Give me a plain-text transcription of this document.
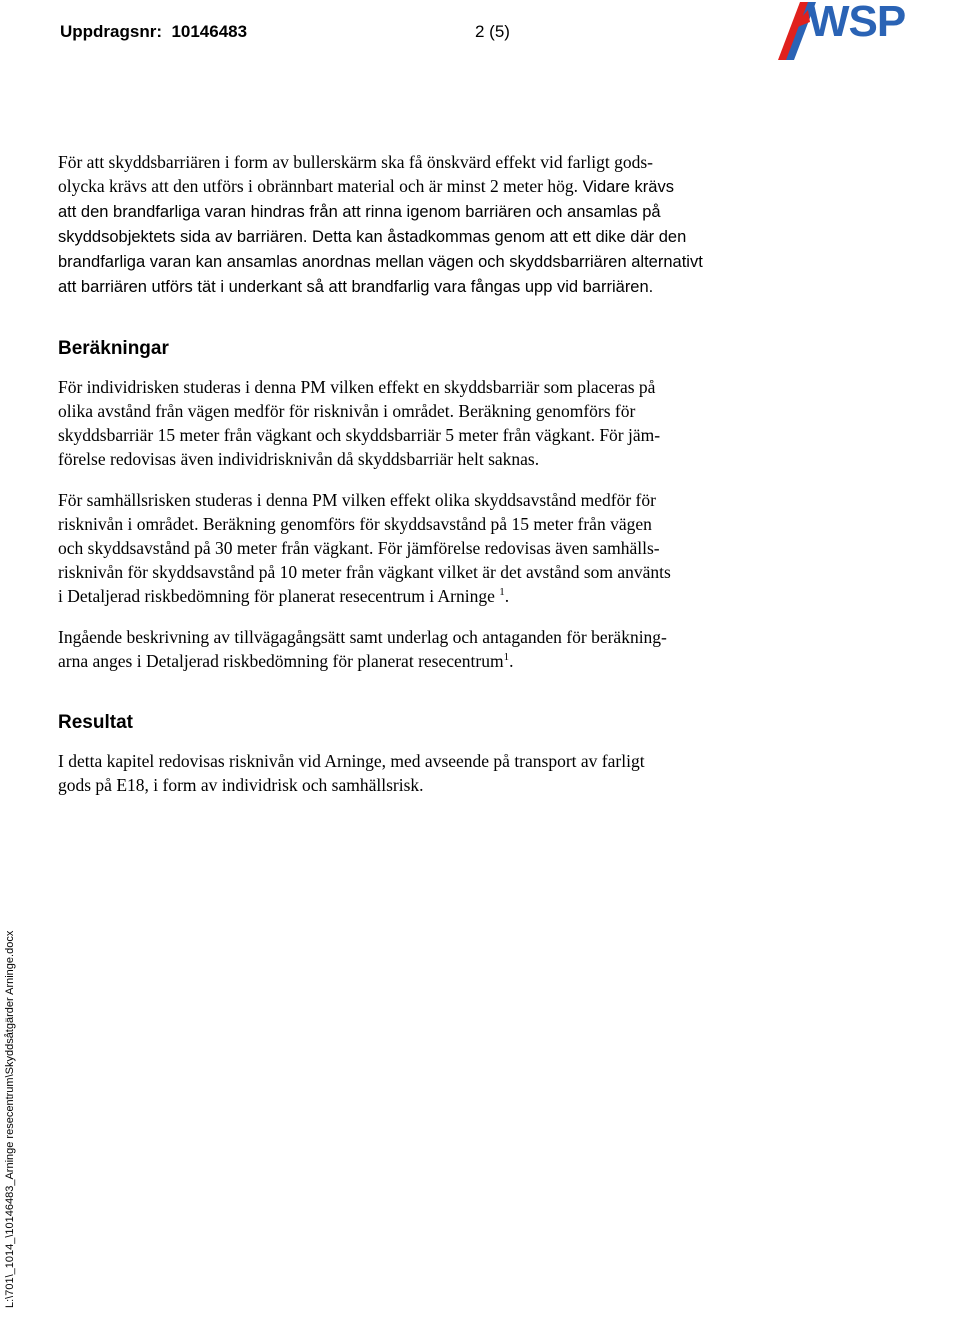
Uppdragsnr:  10146483	2 (5)	WSP

För att skyddsbarriären i form av bullerskärm ska få önskvärd effekt vid farligt gods-
olycka krävs att den utförs i obrännbart material och är minst 2 meter hög. Vidare krävs
att den brandfarliga varan hindras från att rinna igenom barriären och ansamlas på
skyddsobjektets sida av barriären. Detta kan åstadkommas genom att ett dike där den
brandfarliga varan kan ansamlas anordnas mellan vägen och skyddsbarriären alternativt
att barriären utförs tät i underkant så att brandfarlig vara fångas upp vid barriären.

Beräkningar

För individrisken studeras i denna PM vilken effekt en skyddsbarriär som placeras på
olika avstånd från vägen medför för risknivån i området. Beräkning genomförs för
skyddsbarriär 15 meter från vägkant och skyddsbarriär 5 meter från vägkant. För jäm-
förelse redovisas även individrisknivån då skyddsbarriär helt saknas.

För samhällsrisken studeras i denna PM vilken effekt olika skyddsavstånd medför för
risknivån i området. Beräkning genomförs för skyddsavstånd på 15 meter från vägen
och skyddsavstånd på 30 meter från vägkant. För jämförelse redovisas även samhälls-
risknivån för skyddsavstånd på 10 meter från vägkant vilket är det avstånd som använts
i Detaljerad riskbedömning för planerat resecentrum i Arninge $^1$.

Ingående beskrivning av tillvägagångsätt samt underlag och antaganden för beräkning-
arna anges i Detaljerad riskbedömning för planerat resecentrum$^1$.

Resultat

I detta kapitel redovisas risknivån vid Arninge, med avseende på transport av farligt
gods på E18, i form av individrisk och samhällsrisk.

L:\701\_1014_\10146483_Arninge resecentrum\Skyddsåtgärder Arninge.docx
